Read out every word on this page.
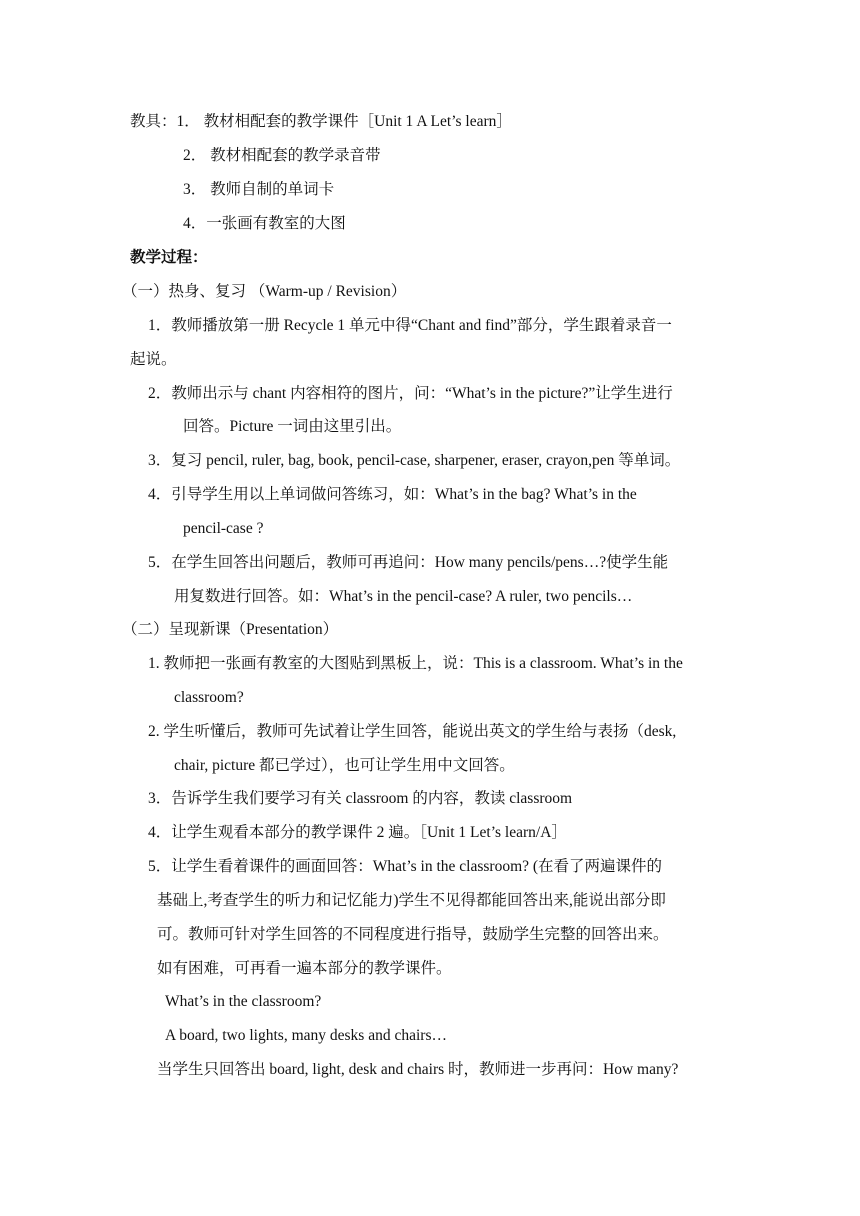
教具：1． 教材相配套的教学课件［Unit 1 A Let’s learn］
2． 教材相配套的教学录音带
3． 教师自制的单词卡
4．一张画有教室的大图
教学过程：
（一）热身、复习 （Warm-up / Revision）
1．教师播放第一册 Recycle 1 单元中得“Chant and find”部分，学生跟着录音一
起说。
2．教师出示与 chant 内容相符的图片，问：“What’s in the picture?”让学生进行
回答。Picture 一词由这里引出。
3．复习 pencil, ruler, bag, book, pencil-case, sharpener, eraser, crayon,pen 等单词。
4．引导学生用以上单词做问答练习，如：What’s in the bag? What’s in the
pencil-case ?
5．在学生回答出问题后，教师可再追问：How many pencils/pens…?使学生能
用复数进行回答。如：What’s in the pencil-case? A ruler, two pencils…
（二）呈现新课（Presentation）
1. 教师把一张画有教室的大图贴到黑板上，说：This is a classroom. What’s in the
classroom?
2. 学生听懂后，教师可先试着让学生回答，能说出英文的学生给与表扬（desk,
chair, picture 都已学过），也可让学生用中文回答。
3．告诉学生我们要学习有关 classroom 的内容，教读 classroom
4．让学生观看本部分的教学课件 2 遍。［Unit 1 Let’s learn/A］
5．让学生看着课件的画面回答：What’s in the classroom? (在看了两遍课件的
基础上,考查学生的听力和记忆能力)学生不见得都能回答出来,能说出部分即
可。教师可针对学生回答的不同程度进行指导，鼓励学生完整的回答出来。
如有困难，可再看一遍本部分的教学课件。
What’s in the classroom?
A board, two lights, many desks and chairs…
当学生只回答出 board, light, desk and chairs 时，教师进一步再问：How many?
